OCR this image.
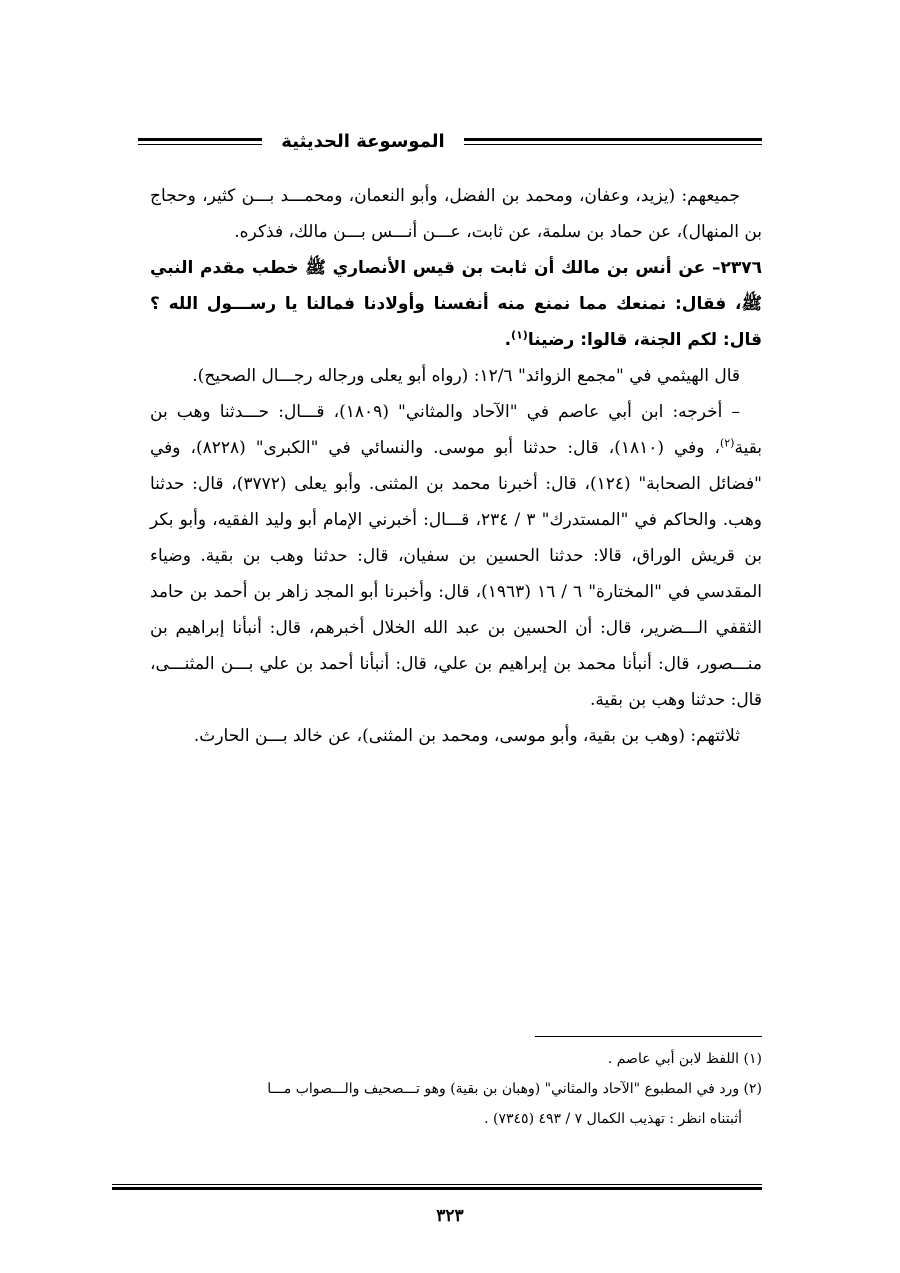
الموسوعة الحديثية

جميعهم: (يزيد، وعفان، ومحمد بن الفضل، وأبو النعمان، ومحمـــد بـــن كثير، وحجاج بن المنهال)، عن حماد بن سلمة، عن ثابت، عـــن أنـــس بـــن مالك، فذكره.

٢٣٧٦– عن أنس بن مالك أن ثابت بن قيس الأنصاري ﷺ خطب مقدم النبي ﷺ، فقال: نمنعك مما نمنع منه أنفسنا وأولادنا فمالنا يا رســـول الله ؟ قال: لكم الجنة، قالوا: رضينا$^{(١)}$.

قال الهيثمي في "مجمع الزوائد" ١٢/٦: (رواه أبو يعلى ورجاله رجـــال الصحيح).

– أخرجه: ابن أبي عاصم في "الآحاد والمثاني" (١٨٠٩)، قـــال: حـــدثنا وهب بن بقية$^{(٢)}$، وفي (١٨١٠)، قال: حدثنا أبو موسى. والنسائي في "الكبرى" (٨٢٢٨)، وفي "فضائل الصحابة" (١٢٤)، قال: أخبرنا محمد بن المثنى. وأبو يعلى (٣٧٧٢)، قال: حدثنا وهب. والحاكم في "المستدرك" ٣ / ٢٣٤، قـــال: أخبرني الإمام أبو وليد الفقيه، وأبو بكر بن قريش الوراق، قالا: حدثنا الحسين بن سفيان، قال: حدثنا وهب بن بقية. وضياء المقدسي في "المختارة" ٦ / ١٦ (١٩٦٣)، قال: وأخبرنا أبو المجد زاهر بن أحمد بن حامد الثقفي الـــضرير، قال: أن الحسين بن عبد الله الخلال أخبرهم، قال: أنبأنا إبراهيم بن منـــصور، قال: أنبأنا محمد بن إبراهيم بن علي، قال: أنبأنا أحمد بن علي بـــن المثنـــى، قال: حدثنا وهب بن بقية.

ثلاثتهم: (وهب بن بقية، وأبو موسى، ومحمد بن المثنى)، عن خالد بـــن الحارث.

(١) اللفظ لابن أبي عاصم .

(٢) ورد في المطبوع "الآحاد والمثاني" (وهبان بن بقية) وهو تـــصحيف والـــصواب مـــا

أثبتناه انظر : تهذيب الكمال ٧ / ٤٩٣ (٧٣٤٥) .

٣٢٣
